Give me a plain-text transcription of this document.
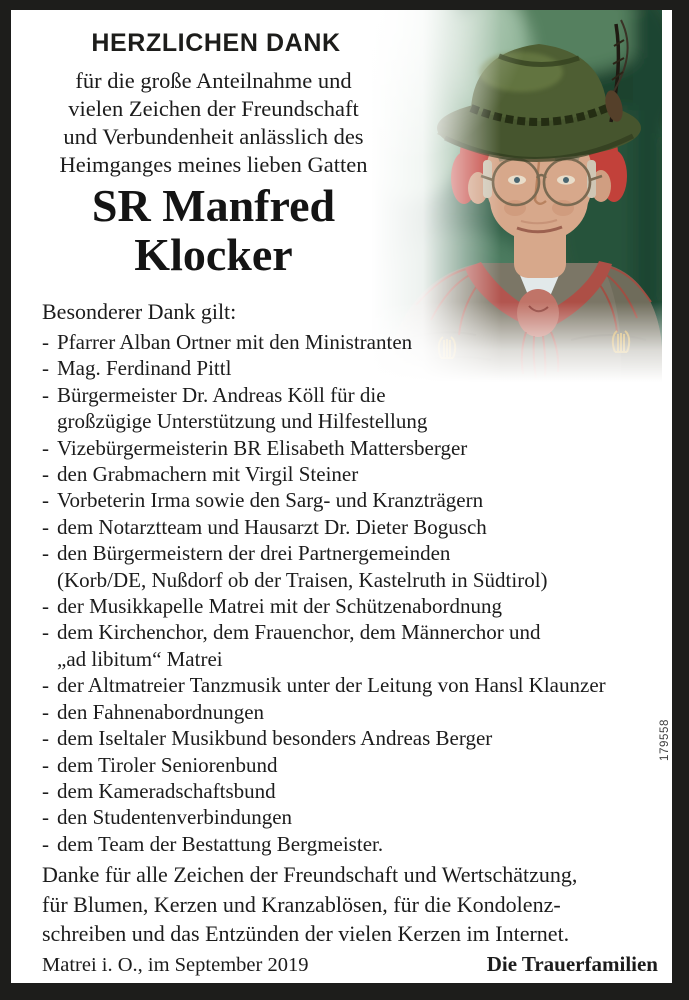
HERZLICHEN DANK
für die große Anteilnahme und
vielen Zeichen der Freundschaft
und Verbundenheit anlässlich des
Heimganges meines lieben Gatten
SR Manfred
Klocker

Besonderer Dank gilt:

- Pfarrer Alban Ortner mit den Ministranten
- Mag. Ferdinand Pittl
- Bürgermeister Dr. Andreas Köll für die
großzügige Unterstützung und Hilfestellung
- Vizebürgermeisterin BR Elisabeth Mattersberger
- den Grabmachern mit Virgil Steiner
- Vorbeterin Irma sowie den Sarg- und Kranzträgern
- dem Notarztteam und Hausarzt Dr. Dieter Bogusch
- den Bürgermeistern der drei Partnergemeinden
(Korb/DE, Nußdorf ob der Traisen, Kastelruth in Südtirol)
- der Musikkapelle Matrei mit der Schützenabordnung
- dem Kirchenchor, dem Frauenchor, dem Männerchor und
„ad libitum“ Matrei
- der Altmatreier Tanzmusik unter der Leitung von Hansl Klaunzer
- den Fahnenabordnungen
- dem Iseltaler Musikbund besonders Andreas Berger
- dem Tiroler Seniorenbund
- dem Kameradschaftsbund
- den Studentenverbindungen
- dem Team der Bestattung Bergmeister.
Danke für alle Zeichen der Freundschaft und Wertschätzung,
für Blumen, Kerzen und Kranzablösen, für die Kondolenz-
schreiben und das Entzünden der vielen Kerzen im Internet.
Matrei i. O., im September 2019	Die Trauerfamilien
179558
